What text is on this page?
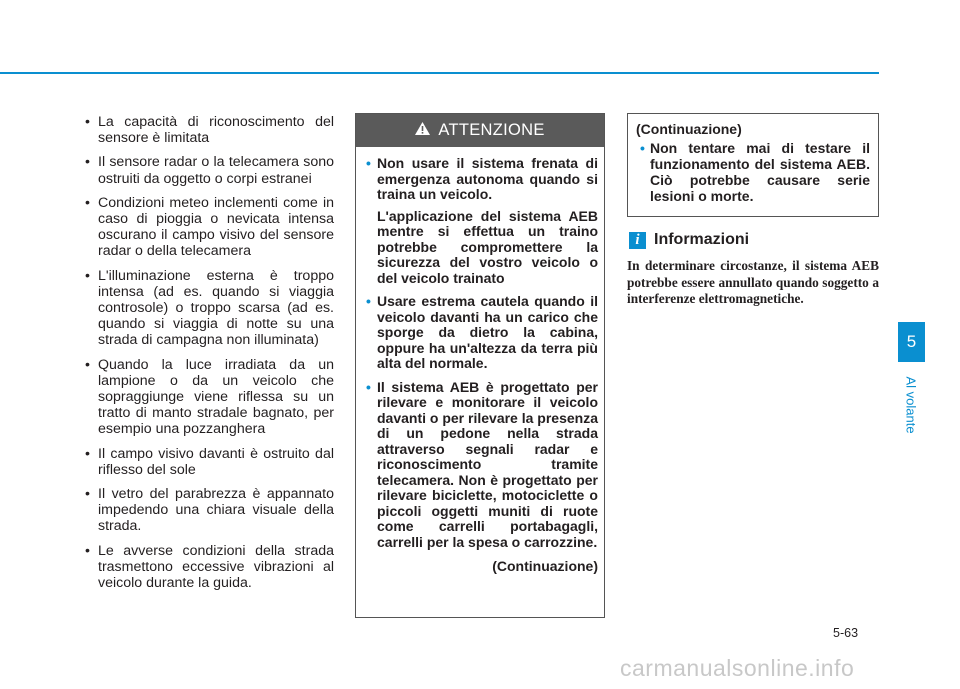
• La capacità di riconoscimento del sensore è limitata
• Il sensore radar o la telecamera sono ostruiti da oggetto o corpi estranei
• Condizioni meteo inclementi come in caso di pioggia o nevicata intensa oscurano il campo visivo del sensore radar o della telecamera
• L'illuminazione esterna è troppo intensa (ad es. quando si viaggia controsole) o troppo scarsa (ad es. quando si viaggia di notte su una strada di campagna non illuminata)
• Quando la luce irradiata da un lampione o da un veicolo che sopraggiunge viene riflessa su un tratto di manto stradale bagnato, per esempio una pozzanghera
• Il campo visivo davanti è ostruito dal riflesso del sole
• Il vetro del parabrezza è appannato impedendo una chiara visuale della strada.
• Le avverse condizioni della strada trasmettono eccessive vibrazioni al veicolo durante la guida.
ATTENZIONE
• Non usare il sistema frenata di emergenza autonoma quando si traina un veicolo.

L'applicazione del sistema AEB mentre si effettua un traino potrebbe compromettere la sicurezza del vostro veicolo o del veicolo trainato

• Usare estrema cautela quando il veicolo davanti ha un carico che sporge da dietro la cabina, oppure ha un'altezza da terra più alta del normale.

• Il sistema AEB è progettato per rilevare e monitorare il veicolo davanti o per rilevare la presenza di un pedone nella strada attraverso segnali radar e riconoscimento tramite telecamera. Non è progettato per rilevare biciclette, motociclette o piccoli oggetti muniti di ruote come carrelli portabagagli, carrelli per la spesa o carrozzine.

(Continuazione)
(Continuazione)
• Non tentare mai di testare il funzionamento del sistema AEB. Ciò potrebbe causare serie lesioni o morte.
i Informazioni
In determinare circostanze, il sistema AEB potrebbe essere annullato quando soggetto a interferenze elettromagnetiche.
5
Al volante
5-63
carmanualsonline.info
